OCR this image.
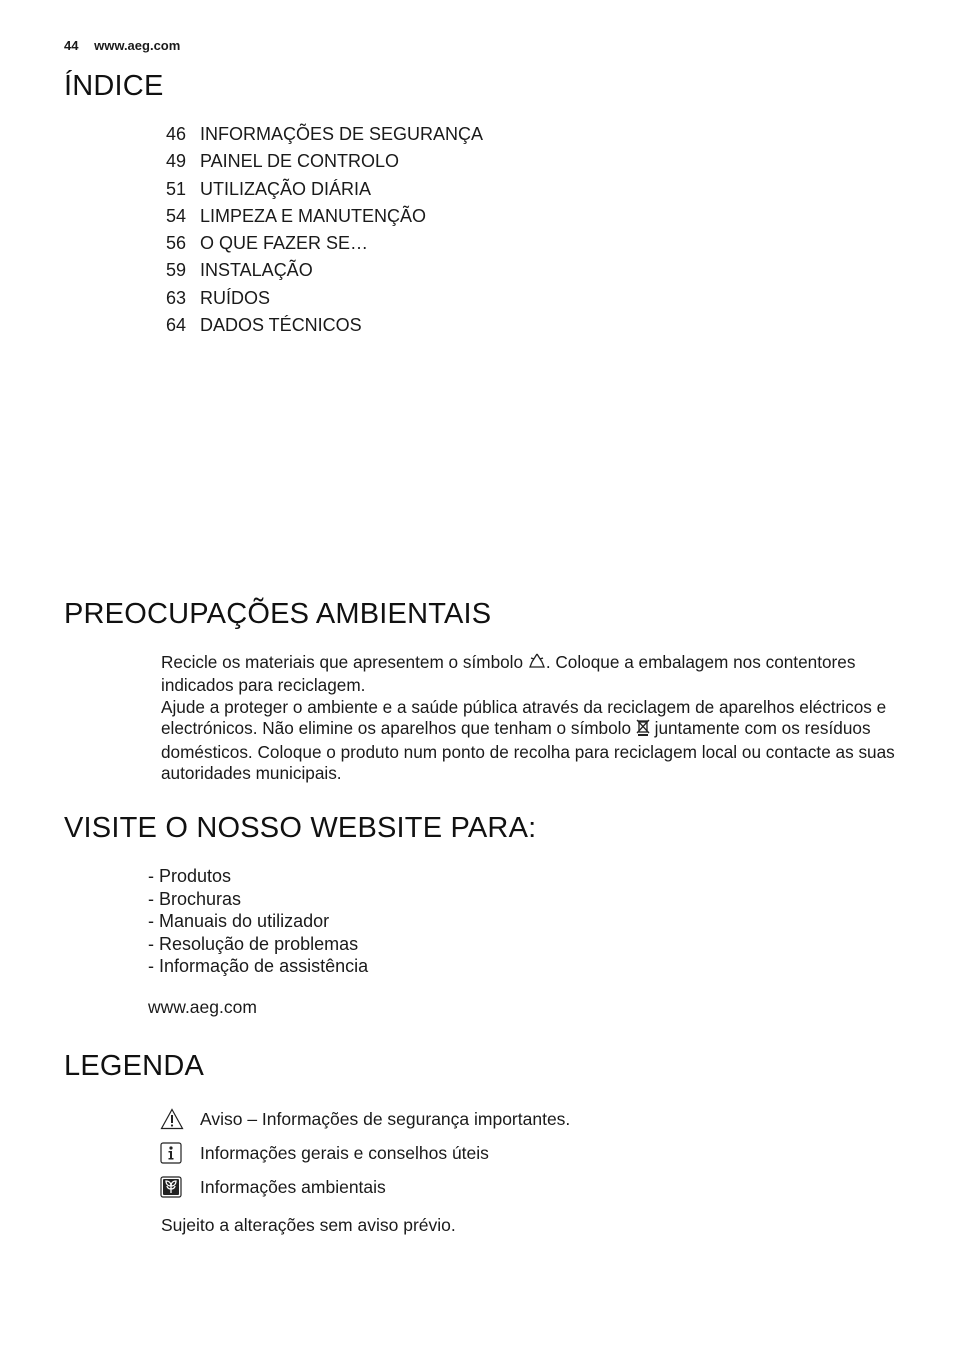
44 www.aeg.com
ÍNDICE
46 INFORMAÇÕES DE SEGURANÇA
49 PAINEL DE CONTROLO
51 UTILIZAÇÃO DIÁRIA
54 LIMPEZA E MANUTENÇÃO
56 O QUE FAZER SE…
59 INSTALAÇÃO
63 RUÍDOS
64 DADOS TÉCNICOS
PREOCUPAÇÕES AMBIENTAIS

Recicle os materiais que apresentem o símbolo . Coloque a embalagem nos contentores indicados para reciclagem.

Ajude a proteger o ambiente e a saúde pública através da reciclagem de aparelhos eléctricos e electrónicos. Não elimine os aparelhos que tenham o símbolo juntamente com os resíduos domésticos. Coloque o produto num ponto de recolha para reciclagem local ou contacte as suas autoridades municipais.

VISITE O NOSSO WEBSITE PARA:
- Produtos
- Brochuras
- Manuais do utilizador
- Resolução de problemas
- Informação de assistência
www.aeg.com
LEGENDA
Aviso – Informações de segurança importantes.
Informações gerais e conselhos úteis
Informações ambientais
Sujeito a alterações sem aviso prévio.
